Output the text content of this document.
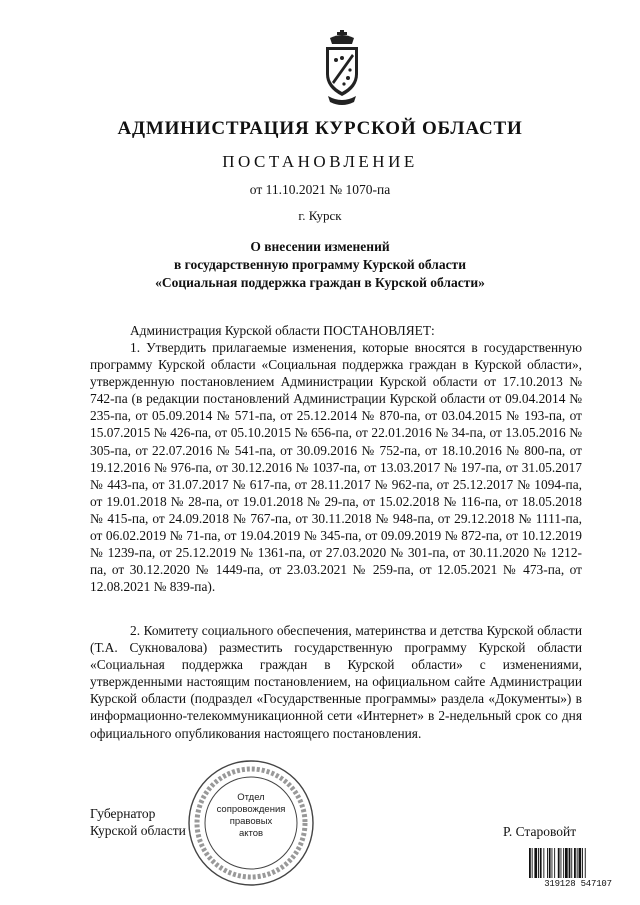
АДМИНИСТРАЦИЯ КУРСКОЙ ОБЛАСТИ
ПОСТАНОВЛЕНИЕ
от 11.10.2021 № 1070-па
г. Курск
О внесении изменений
в государственную программу Курской области
«Социальная поддержка граждан в Курской области»

Администрация Курской области ПОСТАНОВЛЯЕТ:

1. Утвердить прилагаемые изменения, которые вносятся в государственную программу Курской области «Социальная поддержка граждан в Курской области», утвержденную постановлением Администрации Курской области от 17.10.2013 № 742-па (в редакции постановлений Администрации Курской области от 09.04.2014 № 235-па, от 05.09.2014 № 571-па, от 25.12.2014 № 870-па, от 03.04.2015 № 193-па, от 15.07.2015 № 426-па, от 05.10.2015 № 656-па, от 22.01.2016 № 34-па, от 13.05.2016 № 305-па, от 22.07.2016 № 541-па, от 30.09.2016 № 752-па, от 18.10.2016 № 800-па, от 19.12.2016 № 976-па, от 30.12.2016 № 1037-па, от 13.03.2017 № 197-па, от 31.05.2017 № 443-па, от 31.07.2017 № 617-па, от 28.11.2017 № 962-па, от 25.12.2017 № 1094-па, от 19.01.2018 № 28-па, от 19.01.2018 № 29-па, от 15.02.2018 № 116-па, от 18.05.2018 № 415-па, от 24.09.2018 № 767-па, от 30.11.2018 № 948-па, от 29.12.2018 № 1111-па, от 06.02.2019 № 71-па, от 19.04.2019 № 345-па, от 09.09.2019 № 872-па, от 10.12.2019 № 1239-па, от 25.12.2019 № 1361-па, от 27.03.2020 № 301-па, от 30.11.2020 № 1212-па, от 30.12.2020 № 1449-па, от 23.03.2021 № 259-па, от 12.05.2021 № 473-па, от 12.08.2021 № 839-па).

2. Комитету социального обеспечения, материнства и детства Курской области (Т.А. Сукновалова) разместить государственную программу Курской области «Социальная поддержка граждан в Курской области» с изменениями, утвержденными настоящим постановлением, на официальном сайте Администрации Курской области (подраздел «Государственные программы» раздела «Документы») в информационно-телекоммуникационной сети «Интернет» в 2-недельный срок со дня официального опубликования настоящего постановления.

Губернатор
Курской области	Р. Старовойт
Отдел
сопровождения
правовых
актов
319128 547107
